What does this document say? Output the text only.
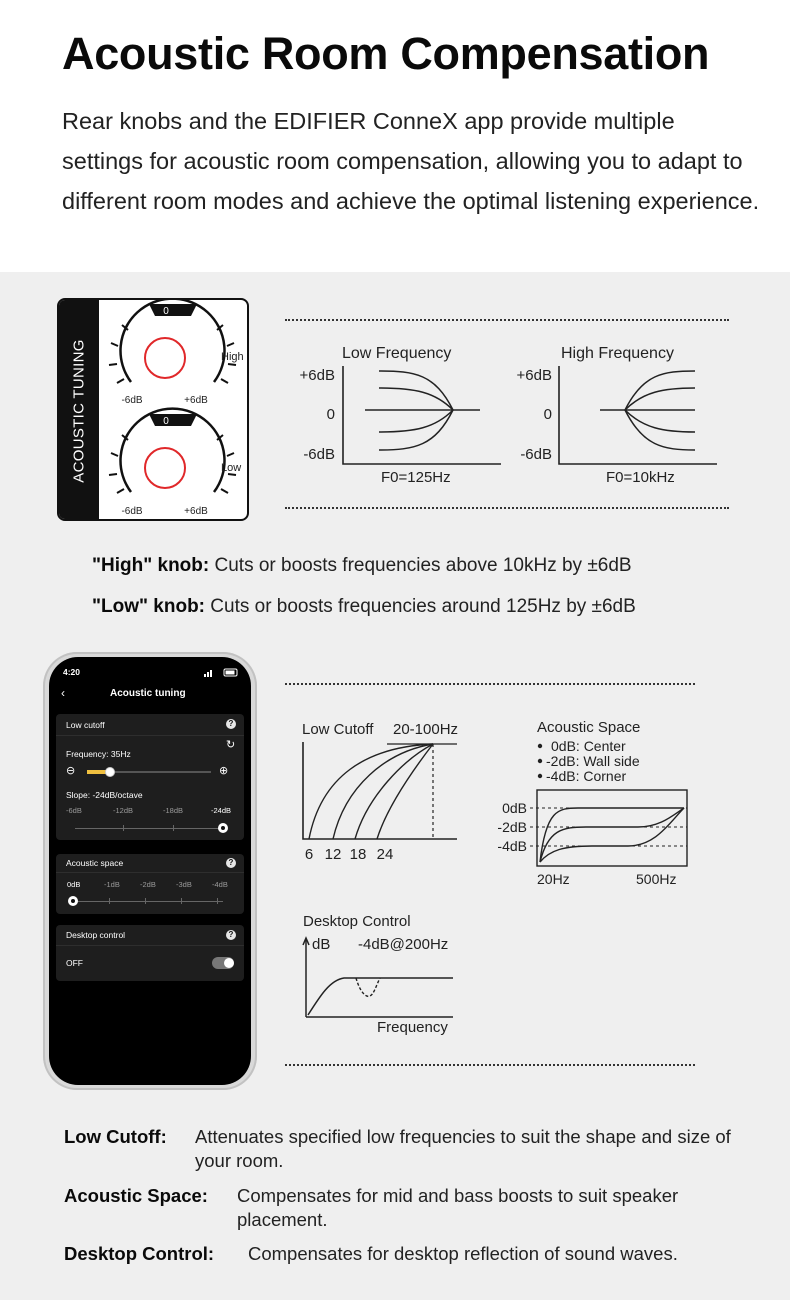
Acoustic Room Compensation

Rear knobs and the EDIFIER ConneX app provide multiple settings for acoustic room compensation, allowing you to adapt to different room modes and achieve the optimal listening experience.

ACOUSTIC TUNING
0
High
-6dB	+6dB
0
Low
-6dB	+6dB
Low Frequency
+6dB
0
-6dB
F0=125Hz
High Frequency
+6dB
0
-6dB
F0=10kHz
"High" knob: Cuts or boosts frequencies above 10kHz by ±6dB
"Low" knob: Cuts or boosts frequencies around 125Hz by ±6dB
4:20
‹	Acoustic tuning
Low cutoff	?
↻
Frequency: 35Hz
⊖	⊕
Slope: -24dB/octave
-6dB	-12dB	-18dB	-24dB
Acoustic space	?
0dB	-1dB	-2dB	-3dB	-4dB
Desktop control	?
OFF
Low Cutoff 20-100Hz
6 12 18 24
Acoustic Space
0dB: Center
-2dB: Wall side
-4dB: Corner
0dB
-2dB
-4dB
20Hz	500Hz
Desktop Control
dB -4dB@200Hz
Frequency
Low Cutoff: Attenuates specified low frequencies to suit the shape and size of your room.
Acoustic Space: Compensates for mid and bass boosts to suit speaker placement.
Desktop Control: Compensates for desktop reflection of sound waves.
